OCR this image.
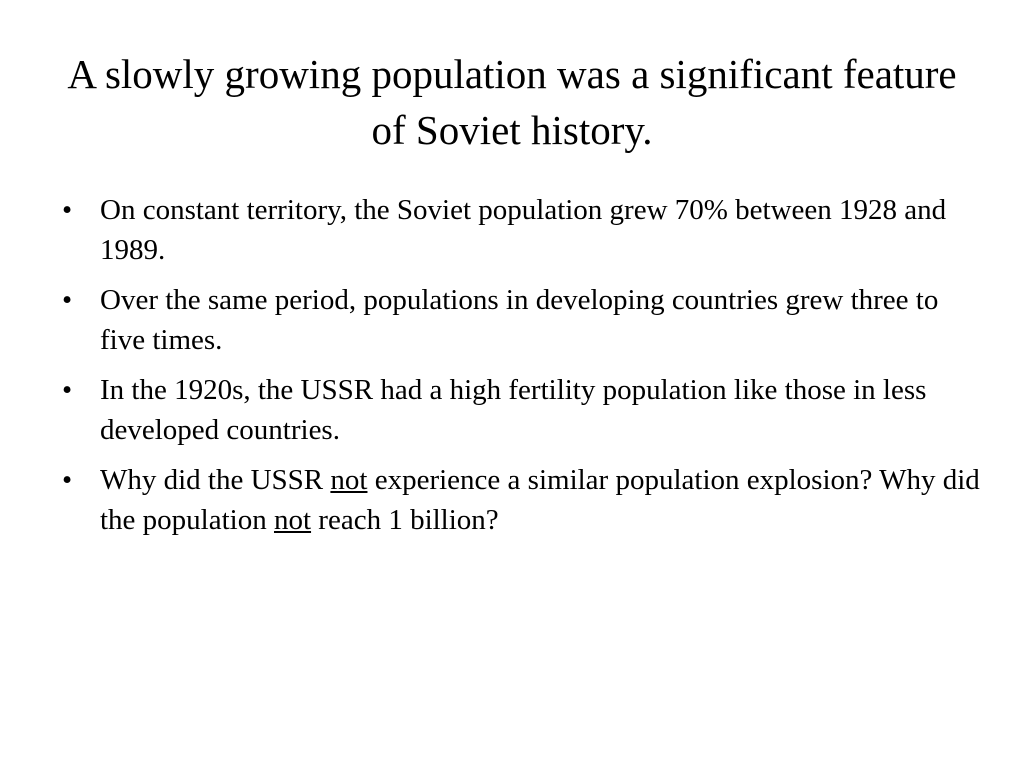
A slowly growing population was a significant feature of Soviet history.
• On constant territory, the Soviet population grew 70% between 1928 and 1989.
• Over the same period, populations in developing countries grew three to five times.
• In the 1920s, the USSR had a high fertility population like those in less developed countries.
• Why did the USSR not experience a similar population explosion? Why did the population not reach 1 billion?
